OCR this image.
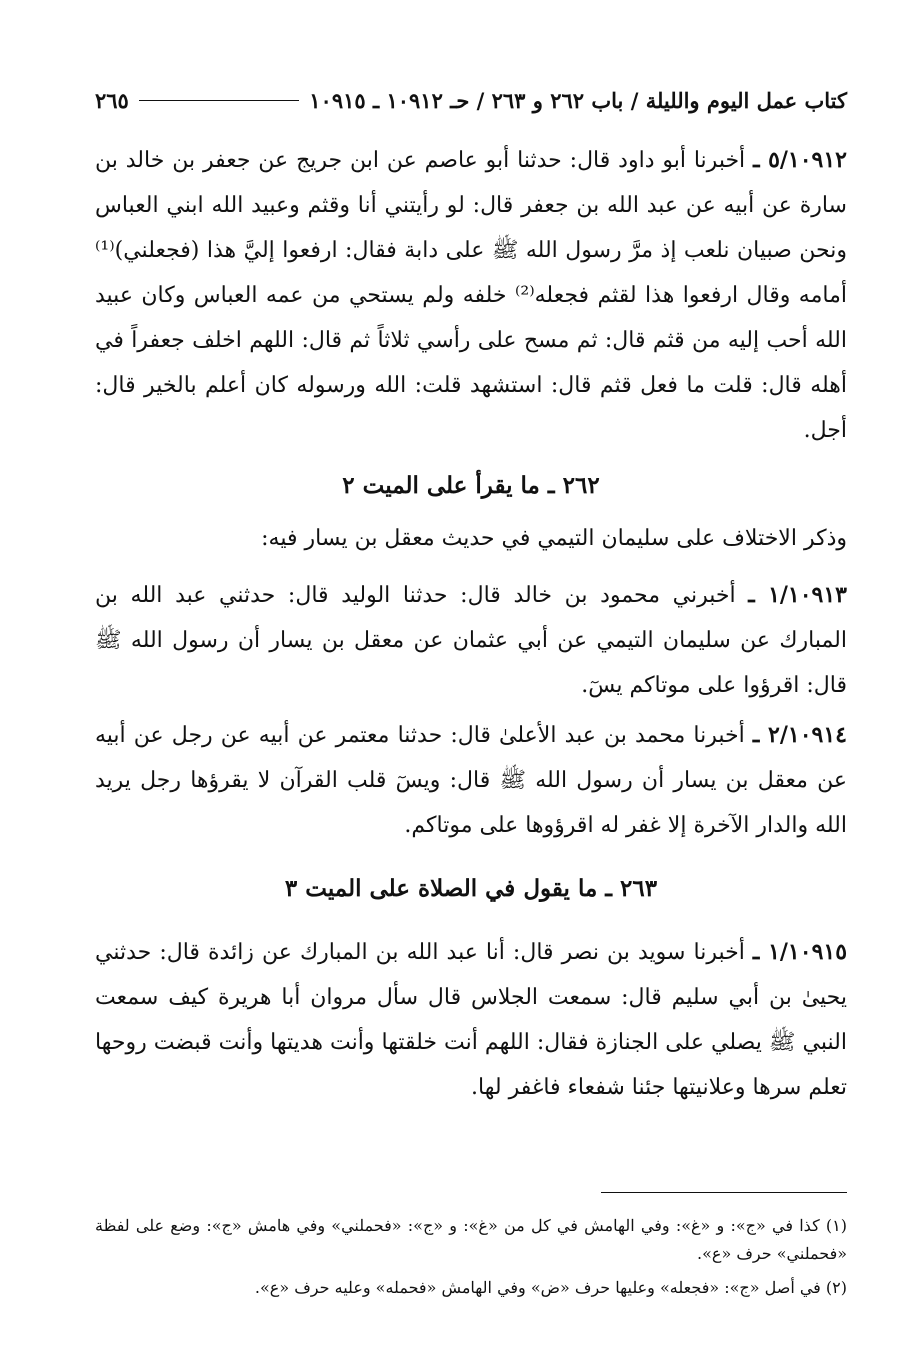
كتاب عمل اليوم والليلة / باب ٢٦٢ و ٢٦٣ / حـ ١٠٩١٢ ـ ١٠٩١٥
٢٦٥
٥/١٠٩١٢ ـ أخبرنا أبو داود قال: حدثنا أبو عاصم عن ابن جريج عن جعفر بن خالد بن سارة عن أبيه عن عبد الله بن جعفر قال: لو رأيتني أنا وقثم وعبيد الله ابني العباس ونحن صبيان نلعب إذ مرَّ رسول الله ﷺ على دابة فقال: ارفعوا إليَّ هذا (فجعلني)⁽¹⁾ أمامه وقال ارفعوا هذا لقثم فجعله⁽²⁾ خلفه ولم يستحي من عمه العباس وكان عبيد الله أحب إليه من قثم قال: ثم مسح على رأسي ثلاثاً ثم قال: اللهم اخلف جعفراً في أهله قال: قلت ما فعل قثم قال: استشهد قلت: الله ورسوله كان أعلم بالخير قال: أجل.
٢٦٢ ـ ما يقرأ على الميت ٢
وذكر الاختلاف على سليمان التيمي في حديث معقل بن يسار فيه:
١/١٠٩١٣ ـ أخبرني محمود بن خالد قال: حدثنا الوليد قال: حدثني عبد الله بن المبارك عن سليمان التيمي عن أبي عثمان عن معقل بن يسار أن رسول الله ﷺ قال: اقرؤوا على موتاكم يسٓ.
٢/١٠٩١٤ ـ أخبرنا محمد بن عبد الأعلىٰ قال: حدثنا معتمر عن أبيه عن رجل عن أبيه عن معقل بن يسار أن رسول الله ﷺ قال: ويسٓ قلب القرآن لا يقرؤها رجل يريد الله والدار الآخرة إلا غفر له اقرؤوها على موتاكم.
٢٦٣ ـ ما يقول في الصلاة على الميت ٣
١/١٠٩١٥ ـ أخبرنا سويد بن نصر قال: أنا عبد الله بن المبارك عن زائدة قال: حدثني يحيىٰ بن أبي سليم قال: سمعت الجلاس قال سأل مروان أبا هريرة كيف سمعت النبي ﷺ يصلي على الجنازة فقال: اللهم أنت خلقتها وأنت هديتها وأنت قبضت روحها تعلم سرها وعلانيتها جئنا شفعاء فاغفر لها.

(١) كذا في «ج»: و «غ»: وفي الهامش في كل من «غ»: و «ج»: «فحملني» وفي هامش «ج»: وضع على لفظة «فحملني» حرف «ع».

(٢) في أصل «ج»: «فجعله» وعليها حرف «ض» وفي الهامش «فحمله» وعليه حرف «ع».
